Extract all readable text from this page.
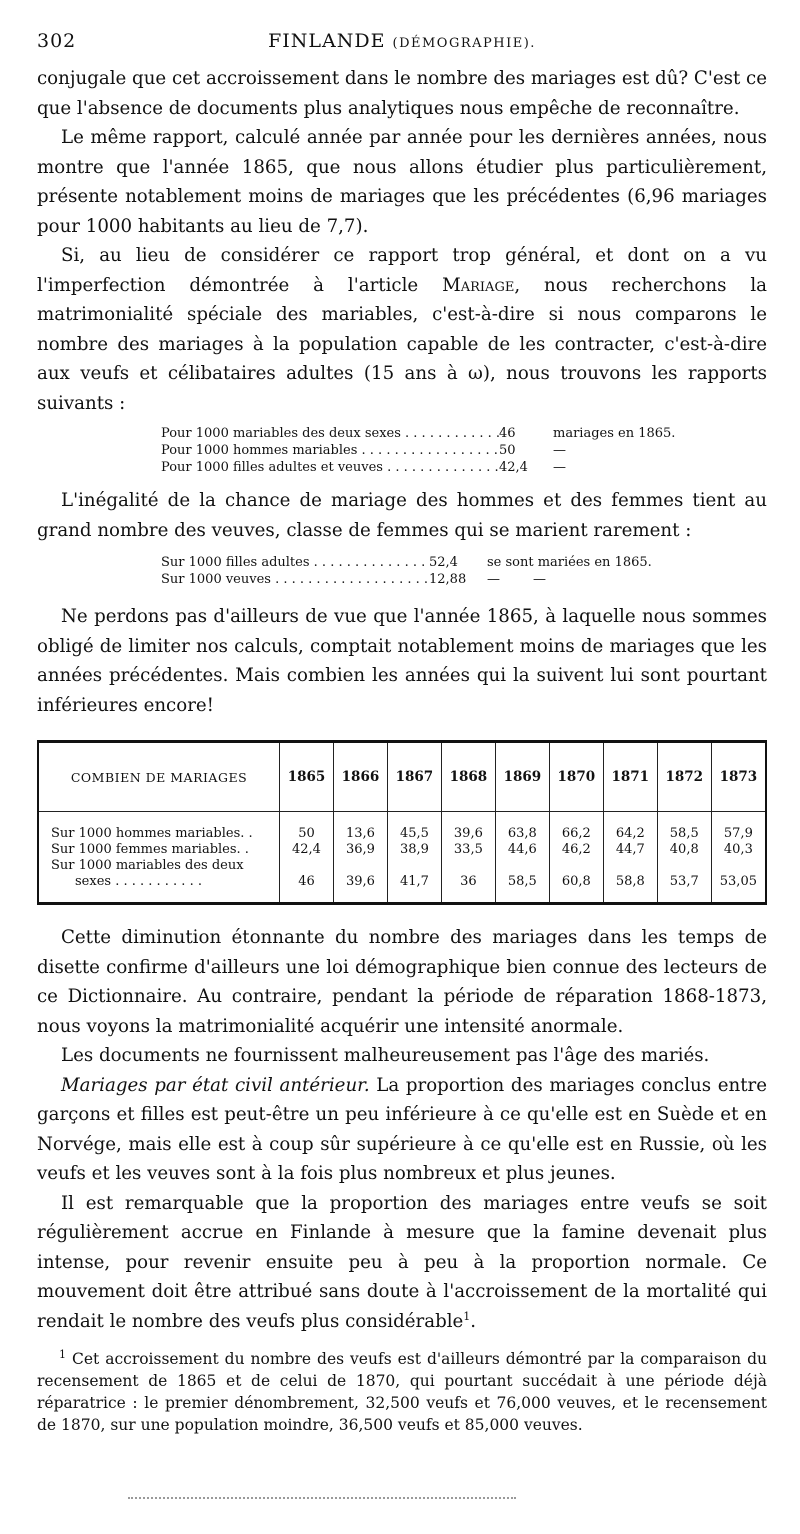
302	FINLANDE (DÉMOGRAPHIE).

conjugale que cet accroissement dans le nombre des mariages est dû? C'est ce que l'absence de documents plus analytiques nous empêche de reconnaître.

Le même rapport, calculé année par année pour les dernières années, nous montre que l'année 1865, que nous allons étudier plus particulièrement, présente notablement moins de mariages que les précédentes (6,96 mariages pour 1000 habitants au lieu de 7,7).

Si, au lieu de considérer ce rapport trop général, et dont on a vu l'imperfection démontrée à l'article Mariage, nous recherchons la matrimonialité spéciale des mariables, c'est-à-dire si nous comparons le nombre des mariages à la population capable de les contracter, c'est-à-dire aux veufs et célibataires adultes (15 ans à ω), nous trouvons les rapports suivants :

Pour 1000 mariables des deux sexes . . .	46	mariages en 1865.
Pour 1000 hommes mariables . . .	50	—
Pour 1000 filles adultes et veuves . . .	42,4	—

L'inégalité de la chance de mariage des hommes et des femmes tient au grand nombre des veuves, classe de femmes qui se marient rarement :

Sur 1000 filles adultes . . .	52,4	se sont mariées en 1865.
Sur 1000 veuves . . .	12,88	—        —

Ne perdons pas d'ailleurs de vue que l'année 1865, à laquelle nous sommes obligé de limiter nos calculs, comptait notablement moins de mariages que les années précédentes. Mais combien les années qui la suivent lui sont pourtant inférieures encore!

COMBIEN DE MARIAGES	1865	1866	1867	1868	1869	1870	1871	1872	1873
Sur 1000 hommes mariables. .	50	13,6	45,5	39,6	63,8	66,2	64,2	58,5	57,9
Sur 1000 femmes mariables. .	42,4	36,9	38,9	33,5	44,6	46,2	44,7	40,8	40,3
Sur 1000 mariables des deux
sexes . . . . . . . . . . .	46	39,6	41,7	36	58,5	60,8	58,8	53,7	53,05

Cette diminution étonnante du nombre des mariages dans les temps de disette confirme d'ailleurs une loi démographique bien connue des lecteurs de ce Dictionnaire. Au contraire, pendant la période de réparation 1868-1873, nous voyons la matrimonialité acquérir une intensité anormale.

Les documents ne fournissent malheureusement pas l'âge des mariés.

Mariages par état civil antérieur. La proportion des mariages conclus entre garçons et filles est peut-être un peu inférieure à ce qu'elle est en Suède et en Norvége, mais elle est à coup sûr supérieure à ce qu'elle est en Russie, où les veufs et les veuves sont à la fois plus nombreux et plus jeunes.

Il est remarquable que la proportion des mariages entre veufs se soit régulièrement accrue en Finlande à mesure que la famine devenait plus intense, pour revenir ensuite peu à peu à la proportion normale. Ce mouvement doit être attribué sans doute à l'accroissement de la mortalité qui rendait le nombre des veufs plus considérable$^1$.

$^1$ Cet accroissement du nombre des veufs est d'ailleurs démontré par la comparaison du recensement de 1865 et de celui de 1870, qui pourtant succédait à une période déjà réparatrice : le premier dénombrement, 32,500 veufs et 76,000 veuves, et le recensement de 1870, sur une population moindre, 36,500 veufs et 85,000 veuves.
